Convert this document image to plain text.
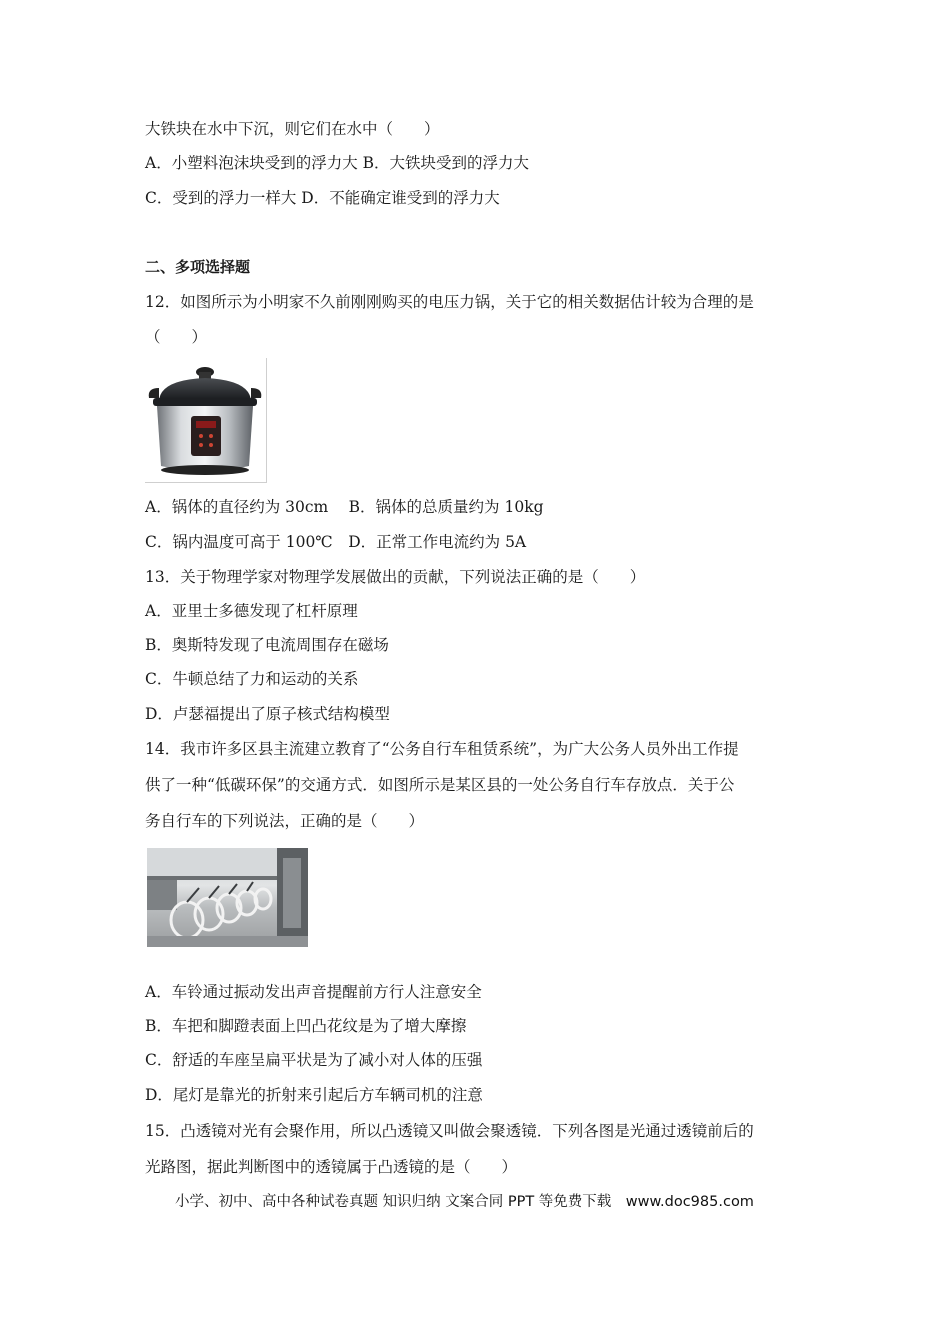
大铁块在水中下沉，则它们在水中（　　）
A．小塑料泡沫块受到的浮力大 B．大铁块受到的浮力大
C．受到的浮力一样大 D．不能确定谁受到的浮力大
二、多项选择题
12．如图所示为小明家不久前刚刚购买的电压力锅，关于它的相关数据估计较为合理的是
（　　）
A．锅体的直径约为 30cm　 B．锅体的总质量约为 10kg
C．锅内温度可高于 100℃　D．正常工作电流约为 5A
13．关于物理学家对物理学发展做出的贡献，下列说法正确的是（　　）
A．亚里士多德发现了杠杆原理
B．奥斯特发现了电流周围存在磁场
C．牛顿总结了力和运动的关系
D．卢瑟福提出了原子核式结构模型
14．我市许多区县主流建立教育了“公务自行车租赁系统”，为广大公务人员外出工作提
供了一种“低碳环保”的交通方式．如图所示是某区县的一处公务自行车存放点．关于公
务自行车的下列说法，正确的是（　　）
A．车铃通过振动发出声音提醒前方行人注意安全
B．车把和脚蹬表面上凹凸花纹是为了增大摩擦
C．舒适的车座呈扁平状是为了减小对人体的压强
D．尾灯是靠光的折射来引起后方车辆司机的注意
15．凸透镜对光有会聚作用，所以凸透镜又叫做会聚透镜．下列各图是光通过透镜前后的
光路图，据此判断图中的透镜属于凸透镜的是（　　）
小学、初中、高中各种试卷真题 知识归纳 文案合同 PPT 等免费下载　www.doc985.com
